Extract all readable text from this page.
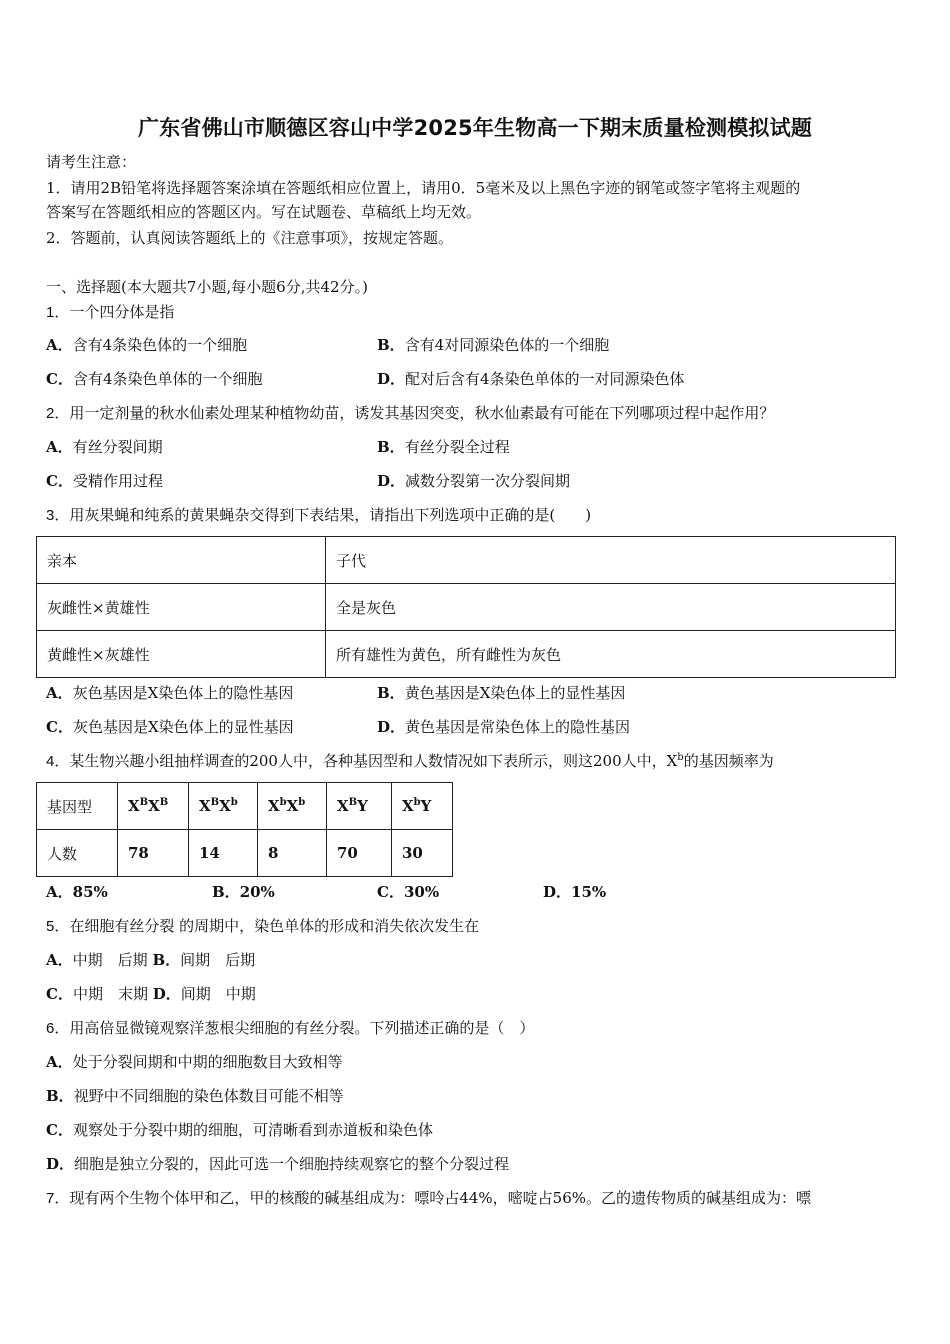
广东省佛山市顺德区容山中学2025年生物高一下期末质量检测模拟试题
请考生注意：
1．请用2B铅笔将选择题答案涂填在答题纸相应位置上，请用0．5毫米及以上黑色字迹的钢笔或签字笔将主观题的
答案写在答题纸相应的答题区内。写在试题卷、草稿纸上均无效。
2．答题前，认真阅读答题纸上的《注意事项》，按规定答题。
一、选择题(本大题共7小题,每小题6分,共42分。)
1．一个四分体是指
A．含有4条染色体的一个细胞	B．含有4对同源染色体的一个细胞
C．含有4条染色单体的一个细胞	D．配对后含有4条染色单体的一对同源染色体
2．用一定剂量的秋水仙素处理某种植物幼苗，诱发其基因突变，秋水仙素最有可能在下列哪项过程中起作用？
A．有丝分裂间期	B．有丝分裂全过程
C．受精作用过程	D．减数分裂第一次分裂间期
3．用灰果蝇和纯系的黄果蝇杂交得到下表结果，请指出下列选项中正确的是(　　)
亲本	子代
灰雌性×黄雄性	全是灰色
黄雌性×灰雄性	所有雄性为黄色，所有雌性为灰色
A．灰色基因是X染色体上的隐性基因	B．黄色基因是X染色体上的显性基因
C．灰色基因是X染色体上的显性基因	D．黄色基因是常染色体上的隐性基因
4．某生物兴趣小组抽样调查的200人中，各种基因型和人数情况如下表所示，则这200人中，$X^b$的基因频率为
基因型	$X^BX^B$	$X^BX^b$	$X^bX^b$	$X^BY$	$X^bY$
人数	78	14	8	70	30
A．85%	B．20%	C．30%	D．15%
5．在细胞有丝分裂 的周期中，染色单体的形成和消失依次发生在
A．中期　后期 B．间期　后期
C．中期　末期 D．间期　中期
6．用高倍显微镜观察洋葱根尖细胞的有丝分裂。下列描述正确的是（　）
A．处于分裂间期和中期的细胞数目大致相等
B．视野中不同细胞的染色体数目可能不相等
C．观察处于分裂中期的细胞，可清晰看到赤道板和染色体
D．细胞是独立分裂的，因此可选一个细胞持续观察它的整个分裂过程
7．现有两个生物个体甲和乙，甲的核酸的碱基组成为：嘌呤占44%，嘧啶占56%。乙的遗传物质的碱基组成为：嘌
